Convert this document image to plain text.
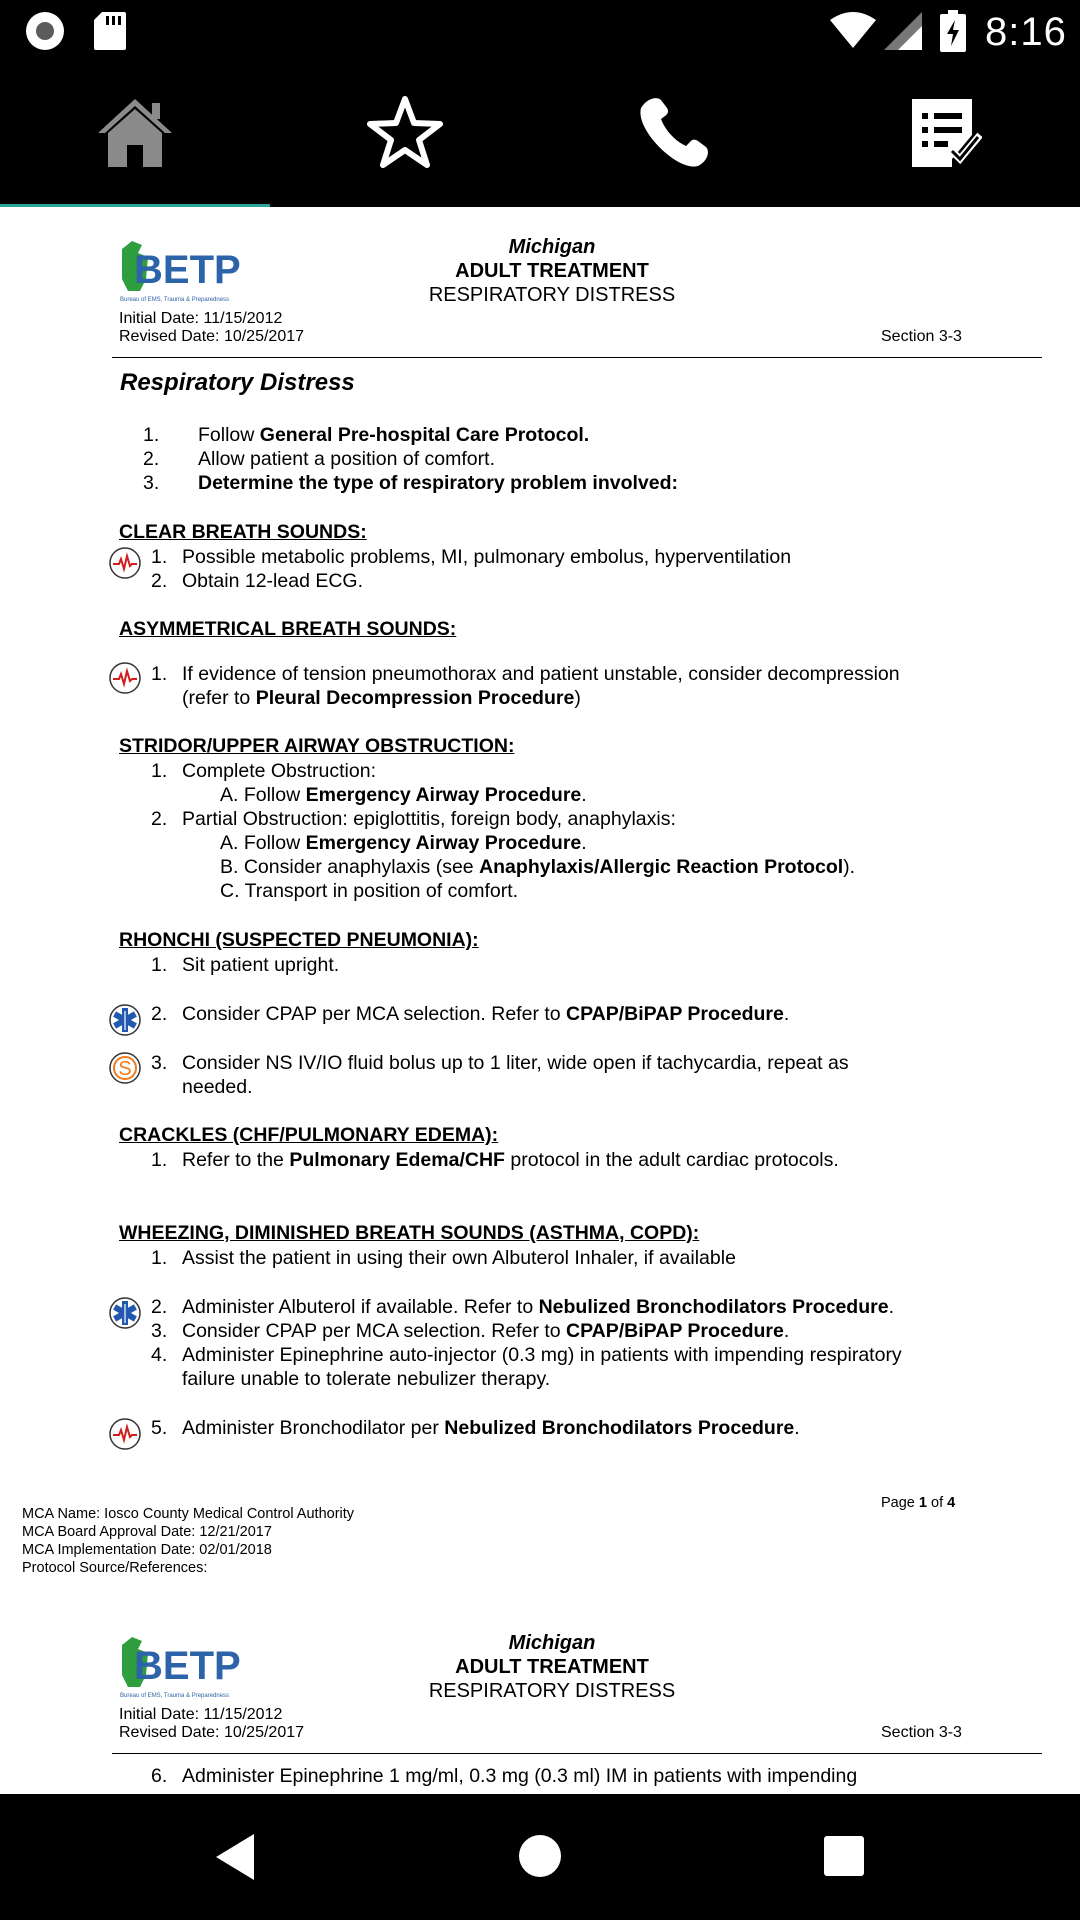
8:16
BETP
Bureau of EMS, Trauma & Preparedness
Michigan
ADULT TREATMENT
RESPIRATORY DISTRESS
Initial Date: 11/15/2012
Revised Date: 10/25/2017	Section 3-3
Respiratory Distress
1. Follow General Pre-hospital Care Protocol.
2. Allow patient a position of comfort.
3. Determine the type of respiratory problem involved:
CLEAR BREATH SOUNDS:
1. Possible metabolic problems, MI, pulmonary embolus, hyperventilation
2. Obtain 12-lead ECG.
ASYMMETRICAL BREATH SOUNDS:
1. If evidence of tension pneumothorax and patient unstable, consider decompression
(refer to Pleural Decompression Procedure)
STRIDOR/UPPER AIRWAY OBSTRUCTION:
1. Complete Obstruction:
A. Follow Emergency Airway Procedure.
2. Partial Obstruction: epiglottitis, foreign body, anaphylaxis:
A. Follow Emergency Airway Procedure.
B. Consider anaphylaxis (see Anaphylaxis/Allergic Reaction Protocol).
C. Transport in position of comfort.
RHONCHI (SUSPECTED PNEUMONIA):
1. Sit patient upright.
2. Consider CPAP per MCA selection. Refer to CPAP/BiPAP Procedure.
S 3. Consider NS IV/IO fluid bolus up to 1 liter, wide open if tachycardia, repeat as
needed.
CRACKLES (CHF/PULMONARY EDEMA):
1. Refer to the Pulmonary Edema/CHF protocol in the adult cardiac protocols.
WHEEZING, DIMINISHED BREATH SOUNDS (ASTHMA, COPD):
1. Assist the patient in using their own Albuterol Inhaler, if available
2. Administer Albuterol if available. Refer to Nebulized Bronchodilators Procedure.
3. Consider CPAP per MCA selection. Refer to CPAP/BiPAP Procedure.
4. Administer Epinephrine auto-injector (0.3 mg) in patients with impending respiratory
failure unable to tolerate nebulizer therapy.
5. Administer Bronchodilator per Nebulized Bronchodilators Procedure.
Page 1 of 4
MCA Name: Iosco County Medical Control Authority
MCA Board Approval Date: 12/21/2017
MCA Implementation Date: 02/01/2018
Protocol Source/References:
BETP
Bureau of EMS, Trauma & Preparedness
Michigan
ADULT TREATMENT
RESPIRATORY DISTRESS
Initial Date: 11/15/2012
Revised Date: 10/25/2017	Section 3-3
6. Administer Epinephrine 1 mg/ml, 0.3 mg (0.3 ml) IM in patients with impending
